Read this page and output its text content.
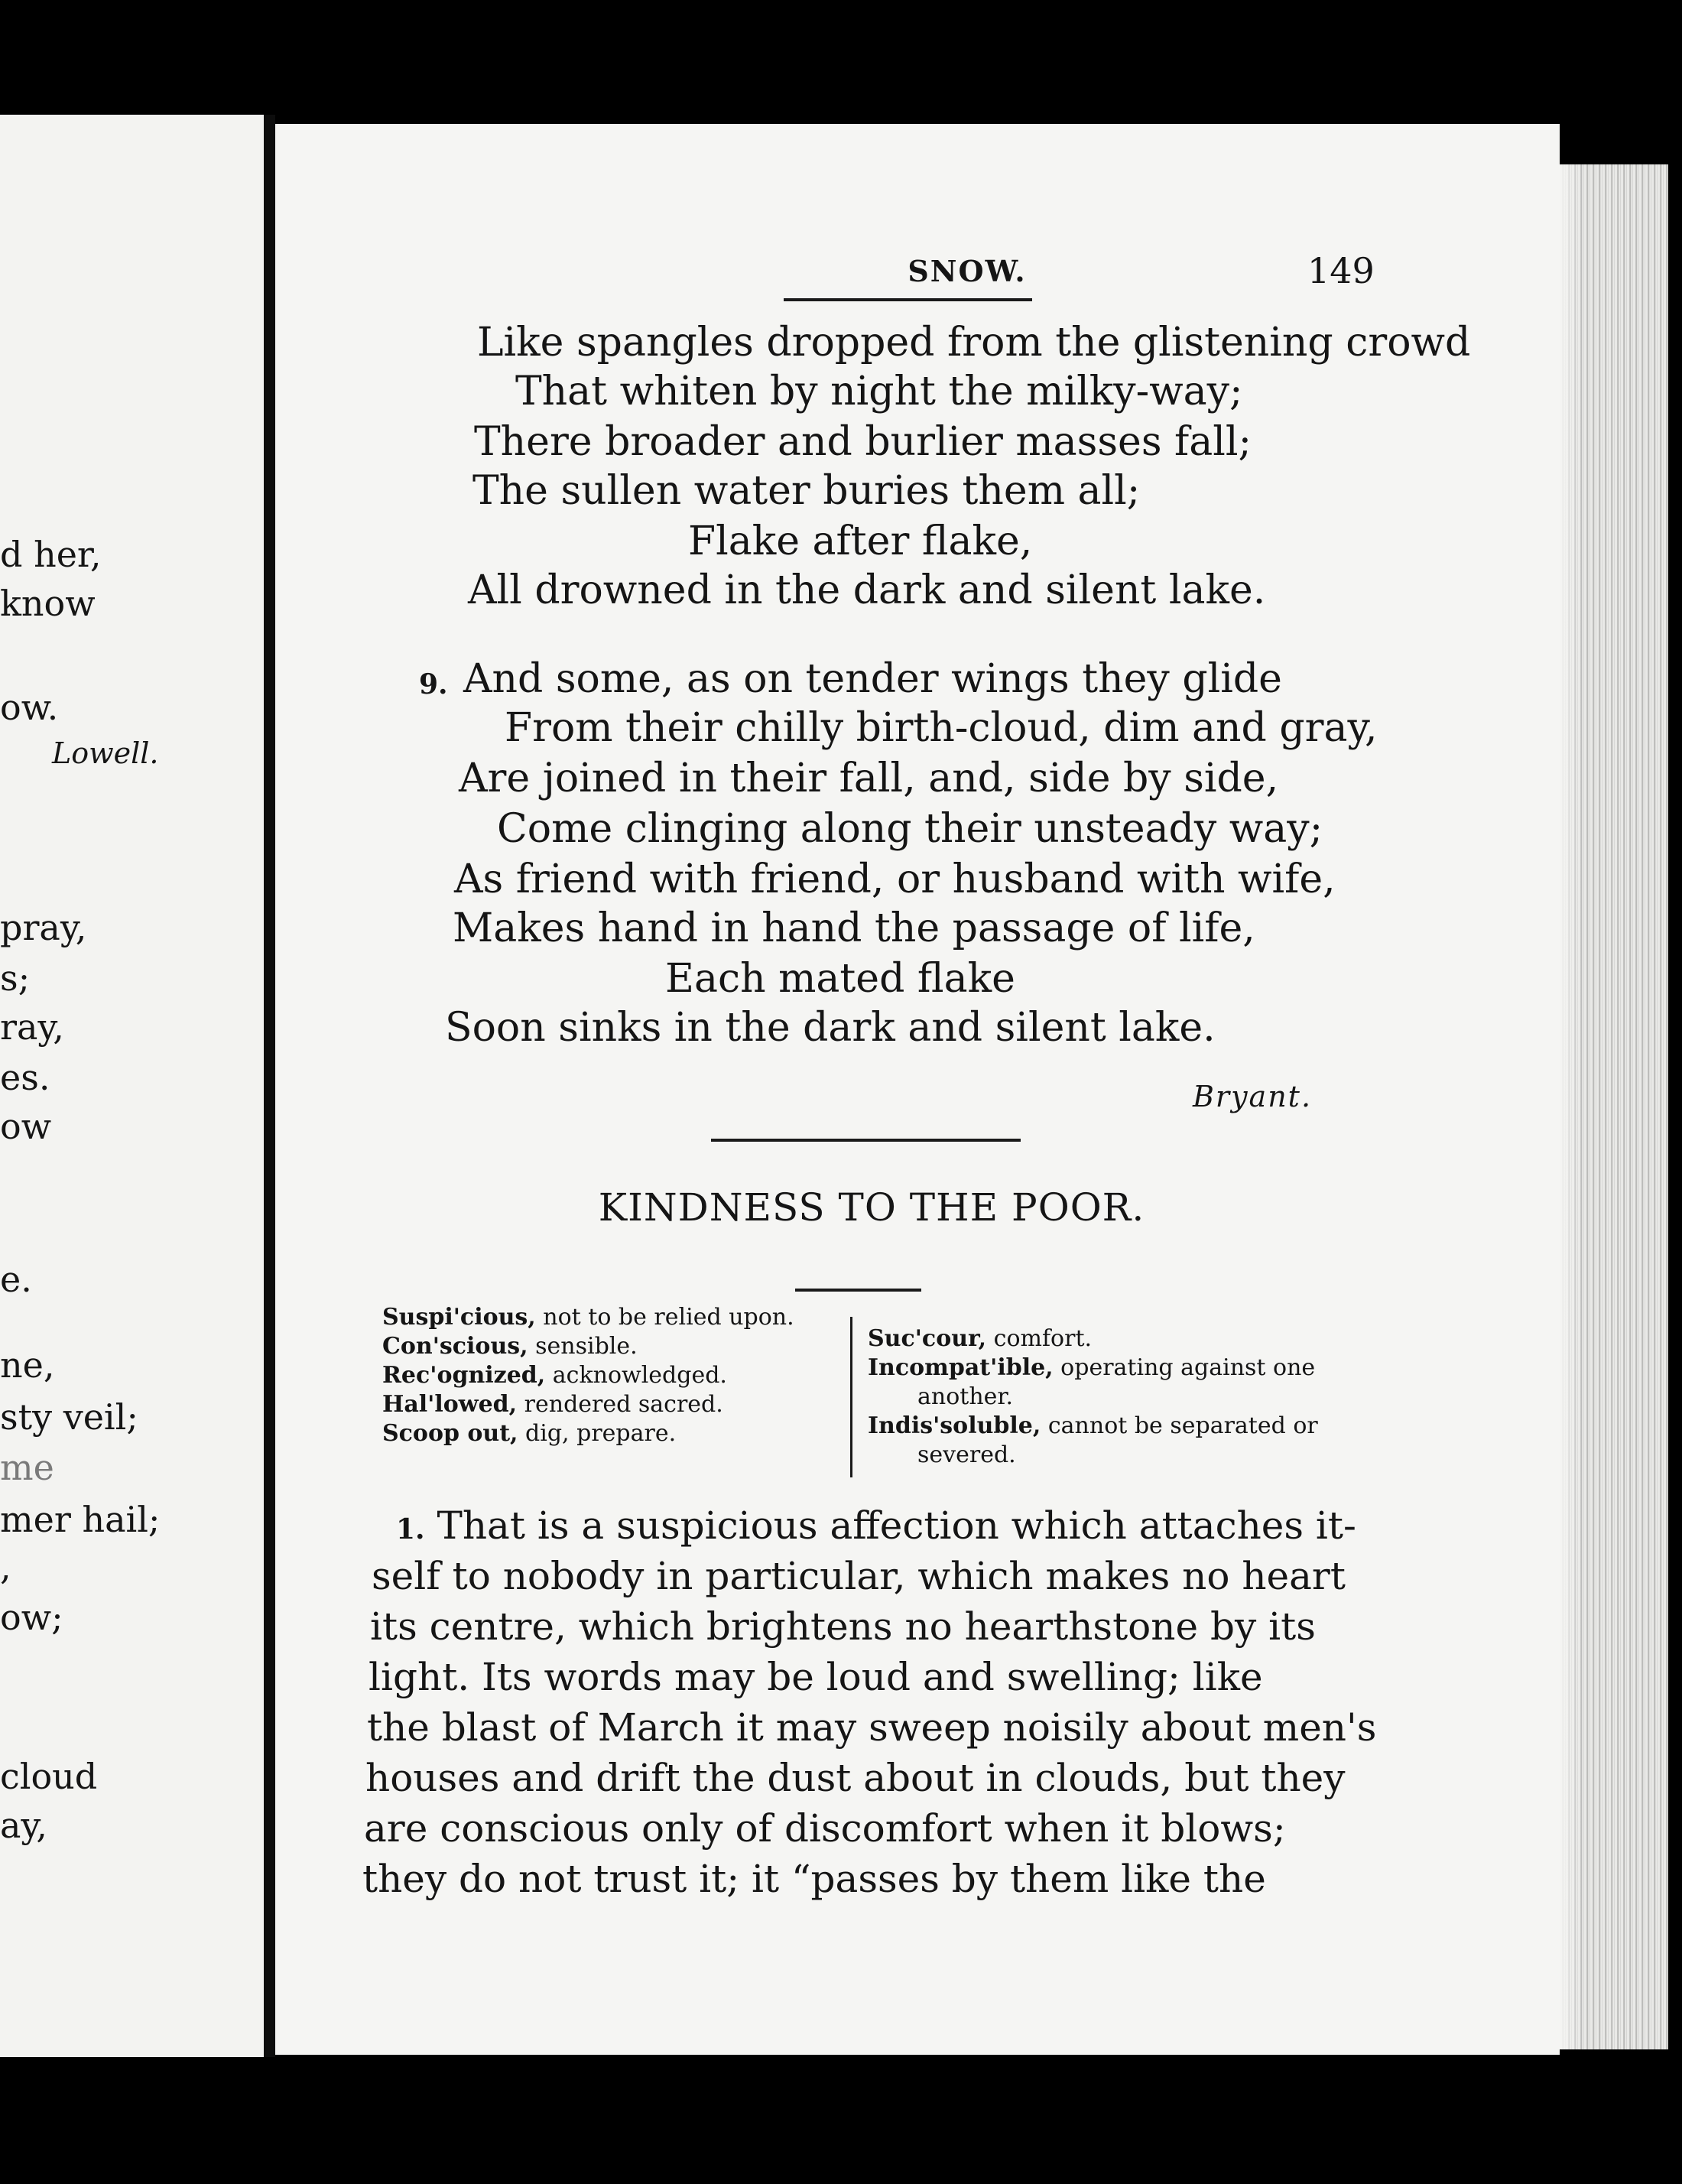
d her,
know
ow.
Lowell.
pray,
s;
ray,
es.
ow
e.
ne,
sty veil;
me
mer hail;
,
ow;
cloud
ay,
SNOW.	149
Like spangles dropped from the glistening crowd
That whiten by night the milky-way;
There broader and burlier masses fall;
The sullen water buries them all;
Flake after flake,
All drowned in the dark and silent lake.
9. And some, as on tender wings they glide
From their chilly birth-cloud, dim and gray,
Are joined in their fall, and, side by side,
Come clinging along their unsteady way;
As friend with friend, or husband with wife,
Makes hand in hand the passage of life,
Each mated flake
Soon sinks in the dark and silent lake.
Bryant.
KINDNESS TO THE POOR.
Suspi'cious, not to be relied upon.
Con'scious, sensible.
Rec'ognized, acknowledged.
Hal'lowed, rendered sacred.
Scoop out, dig, prepare.
Suc'cour, comfort.
Incompat'ible, operating against one
another.
Indis'soluble, cannot be separated or
severed.
1. That is a suspicious affection which attaches it-
self to nobody in particular, which makes no heart
its centre, which brightens no hearthstone by its
light. Its words may be loud and swelling; like
the blast of March it may sweep noisily about men's
houses and drift the dust about in clouds, but they
are conscious only of discomfort when it blows;
they do not trust it; it “passes by them like the
